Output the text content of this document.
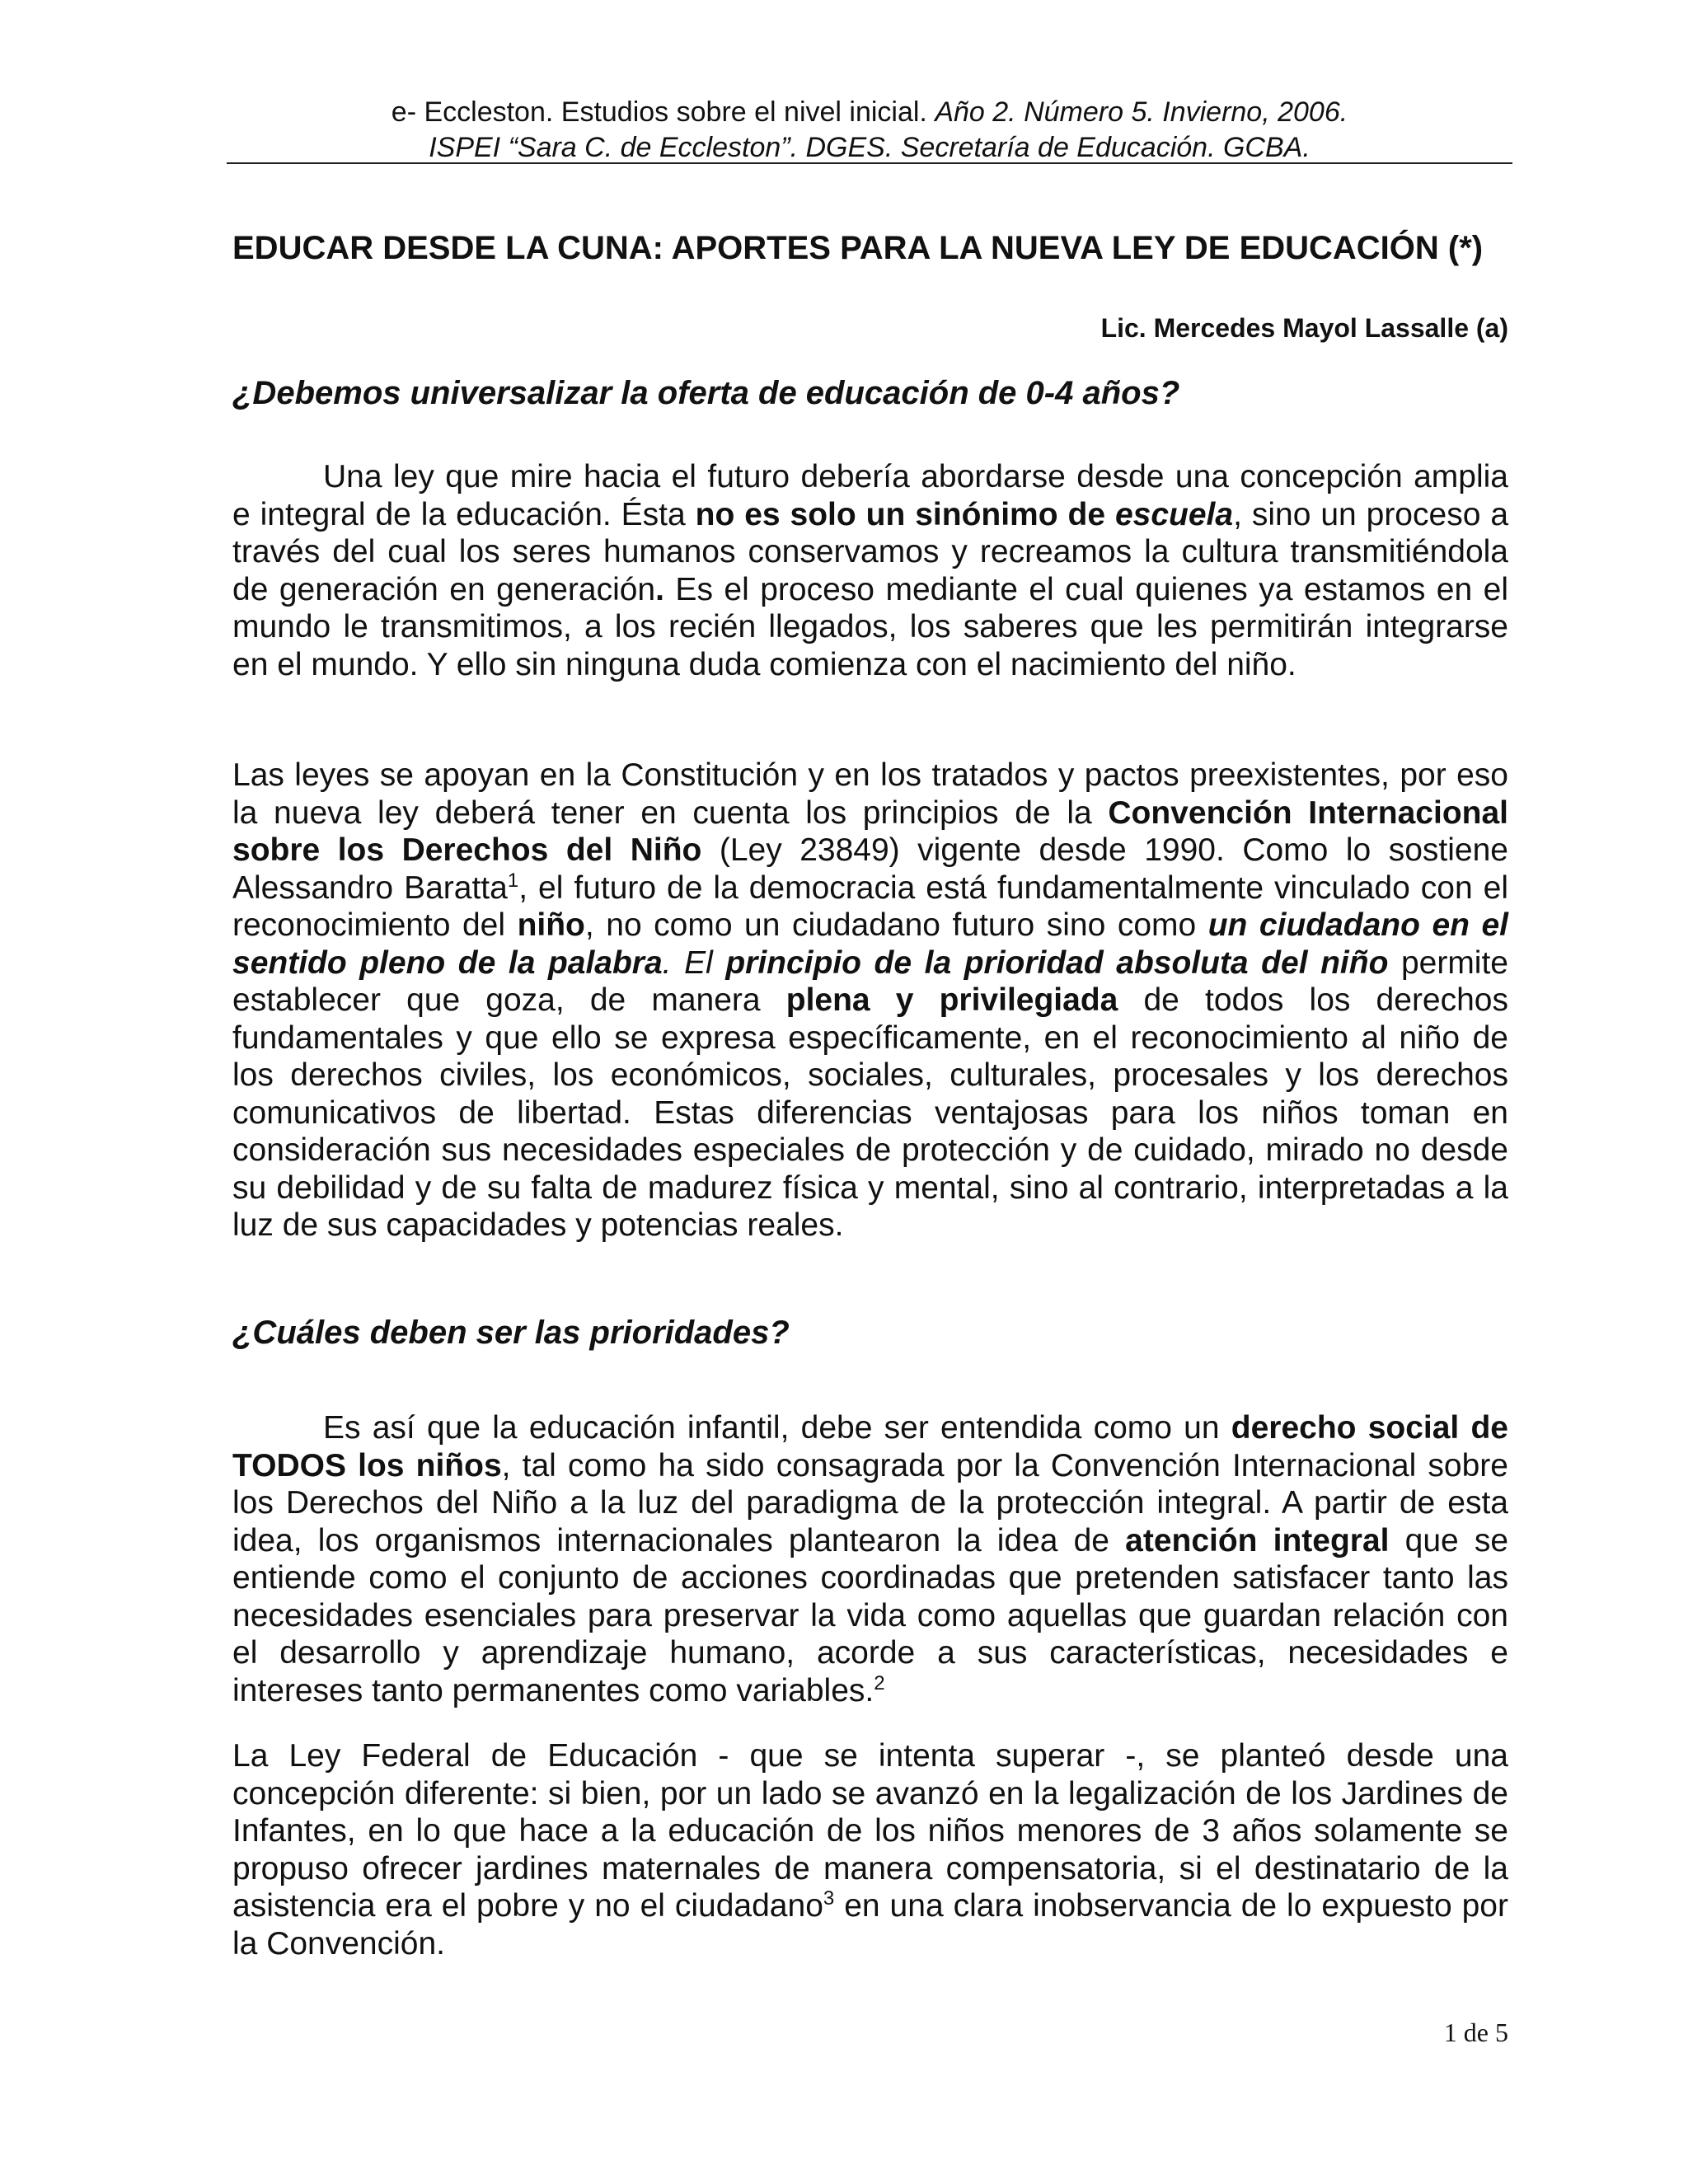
e- Eccleston. Estudios sobre el nivel inicial. Año 2. Número 5. Invierno, 2006.
ISPEI “Sara C. de Eccleston”. DGES. Secretaría de Educación. GCBA.
EDUCAR DESDE LA CUNA: APORTES PARA LA NUEVA LEY DE EDUCACIÓN (*)
Lic. Mercedes Mayol Lassalle (a)
¿Debemos universalizar la oferta de educación de 0-4 años?

Una ley que mire hacia el futuro debería abordarse desde una concepción amplia e integral de la educación. Ésta no es solo un sinónimo de escuela, sino un proceso a través del cual los seres humanos conservamos y recreamos la cultura transmitiéndola de generación en generación. Es el proceso mediante el cual quienes ya estamos en el mundo le transmitimos, a los recién llegados, los saberes que les permitirán integrarse en el mundo. Y ello sin ninguna duda comienza con el nacimiento del niño.

Las leyes se apoyan en la Constitución y en los tratados y pactos preexistentes, por eso la nueva ley deberá tener en cuenta los principios de la Convención Internacional sobre los Derechos del Niño (Ley 23849) vigente desde 1990. Como lo sostiene Alessandro Baratta$^1$, el futuro de la democracia está fundamentalmente vinculado con el reconocimiento del niño, no como un ciudadano futuro sino como un ciudadano en el sentido pleno de la palabra. El principio de la prioridad absoluta del niño permite establecer que goza, de manera plena y privilegiada de todos los derechos fundamentales y que ello se expresa específicamente, en el reconocimiento al niño de los derechos civiles, los económicos, sociales, culturales, procesales y los derechos comunicativos de libertad. Estas diferencias ventajosas para los niños toman en consideración sus necesidades especiales de protección y de cuidado, mirado no desde su debilidad y de su falta de madurez física y mental, sino al contrario, interpretadas a la luz de sus capacidades y potencias reales.

¿Cuáles deben ser las prioridades?

Es así que la educación infantil, debe ser entendida como un derecho social de TODOS los niños, tal como ha sido consagrada por la Convención Internacional sobre los Derechos del Niño a la luz del paradigma de la protección integral. A partir de esta idea, los organismos internacionales plantearon la idea de atención integral que se entiende como el conjunto de acciones coordinadas que pretenden satisfacer tanto las necesidades esenciales para preservar la vida como aquellas que guardan relación con el desarrollo y aprendizaje humano, acorde a sus características, necesidades e intereses tanto permanentes como variables.$^2$

La Ley Federal de Educación - que se intenta superar -, se planteó desde una concepción diferente: si bien, por un lado se avanzó en la legalización de los Jardines de Infantes, en lo que hace a la educación de los niños menores de 3 años solamente se propuso ofrecer jardines maternales de manera compensatoria, si el destinatario de la asistencia era el pobre y no el ciudadano$^3$ en una clara inobservancia de lo expuesto por la Convención.

1 de 5
